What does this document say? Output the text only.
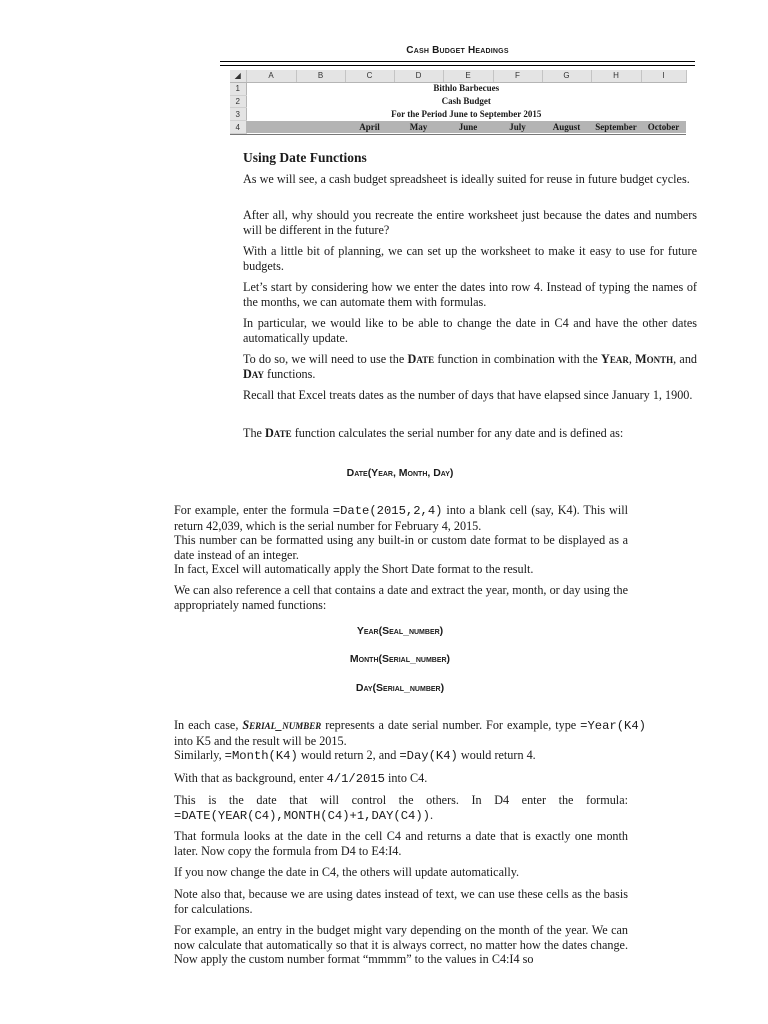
Cash Budget Headings
◢	A	B	C	D	E	F	G	H	I
1	Bithlo Barbecues								
2	Cash Budget								
3	For the Period June to September 2015								
4			April	May	June	July	August	September	October
Using Date Functions
As we will see, a cash budget spreadsheet is ideally suited for reuse in future budget cycles.
After all, why should you recreate the entire worksheet just because the dates and numbers will be different in the future?
With a little bit of planning, we can set up the worksheet to make it easy to use for future budgets.
Let’s start by considering how we enter the dates into row 4. Instead of typing the names of the months, we can automate them with formulas.
In particular, we would like to be able to change the date in C4 and have the other dates automatically update.
To do so, we will need to use the Date function in combination with the Year, Month, and Day functions.
Recall that Excel treats dates as the number of days that have elapsed since January 1, 1900.
The Date function calculates the serial number for any date and is defined as:
Date(Year, Month, Day)
For example, enter the formula =Date(2015,2,4) into a blank cell (say, K4). This will return 42,039, which is the serial number for February 4, 2015.
This number can be formatted using any built-in or custom date format to be displayed as a date instead of an integer.
In fact, Excel will automatically apply the Short Date format to the result.
We can also reference a cell that contains a date and extract the year, month, or day using the appropriately named functions:
Year(Seal_number)
Month(Serial_number)
Day(Serial_number)
In each case, Serial_number represents a date serial number. For example, type =Year(K4) into K5 and the result will be 2015.
Similarly, =Month(K4) would return 2, and =Day(K4) would return 4.
With that as background, enter 4/1/2015 into C4.
This is the date that will control the others. In D4 enter the formula: =DATE(YEAR(C4),MONTH(C4)+1,DAY(C4)).
That formula looks at the date in the cell C4 and returns a date that is exactly one month later. Now copy the formula from D4 to E4:I4.
If you now change the date in C4, the others will update automatically.
Note also that, because we are using dates instead of text, we can use these cells as the basis for calculations.
For example, an entry in the budget might vary depending on the month of the year. We can now calculate that automatically so that it is always correct, no matter how the dates change. Now apply the custom number format “mmmm” to the values in C4:I4 so
